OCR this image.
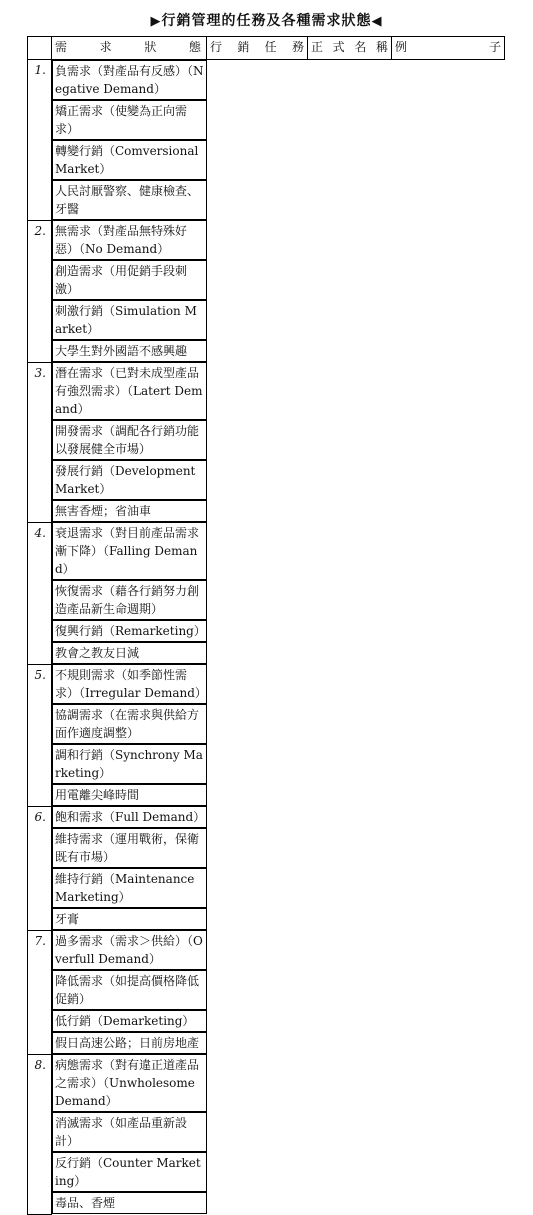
▶行銷管理的任務及各種需求狀態◀

	需 求 狀 態	行 銷 任 務	正 式 名 稱	例 子

1.	負需求（對產品有反感）（Negative Demand）
矯正需求（使變為正向需求）
轉變行銷（Comversional Market）
人民討厭警察、健康檢查、牙醫

2.	無需求（對產品無特殊好惡）（No Demand）
創造需求（用促銷手段刺激）
刺激行銷（Simulation Market）
大學生對外國語不感興趣

3.	潛在需求（已對未成型產品有強烈需求）（Latert Demand）
開發需求（調配各行銷功能以發展健全市場）
發展行銷（Development Market）
無害香煙；省油車

4.	衰退需求（對目前產品需求漸下降）（Falling Demand）
恢復需求（藉各行銷努力創造產品新生命週期）
復興行銷（Remarketing）
教會之教友日減

5.	不規則需求（如季節性需求）（Irregular Demand）
協調需求（在需求與供給方面作適度調整）
調和行銷（Synchrony Marketing）
用電離尖峰時間

6.	飽和需求（Full Demand）
維持需求（運用戰術，保衛既有市場）
維持行銷（Maintenance Marketing）
牙膏

7.	過多需求（需求＞供給）（Overfull Demand）
降低需求（如提高價格降低促銷）
低行銷（Demarketing）
假日高速公路；日前房地產

8.	病態需求（對有違正道產品之需求）（Unwholesome Demand）
消滅需求（如產品重新設計）
反行銷（Counter Marketing）
毒品、香煙
